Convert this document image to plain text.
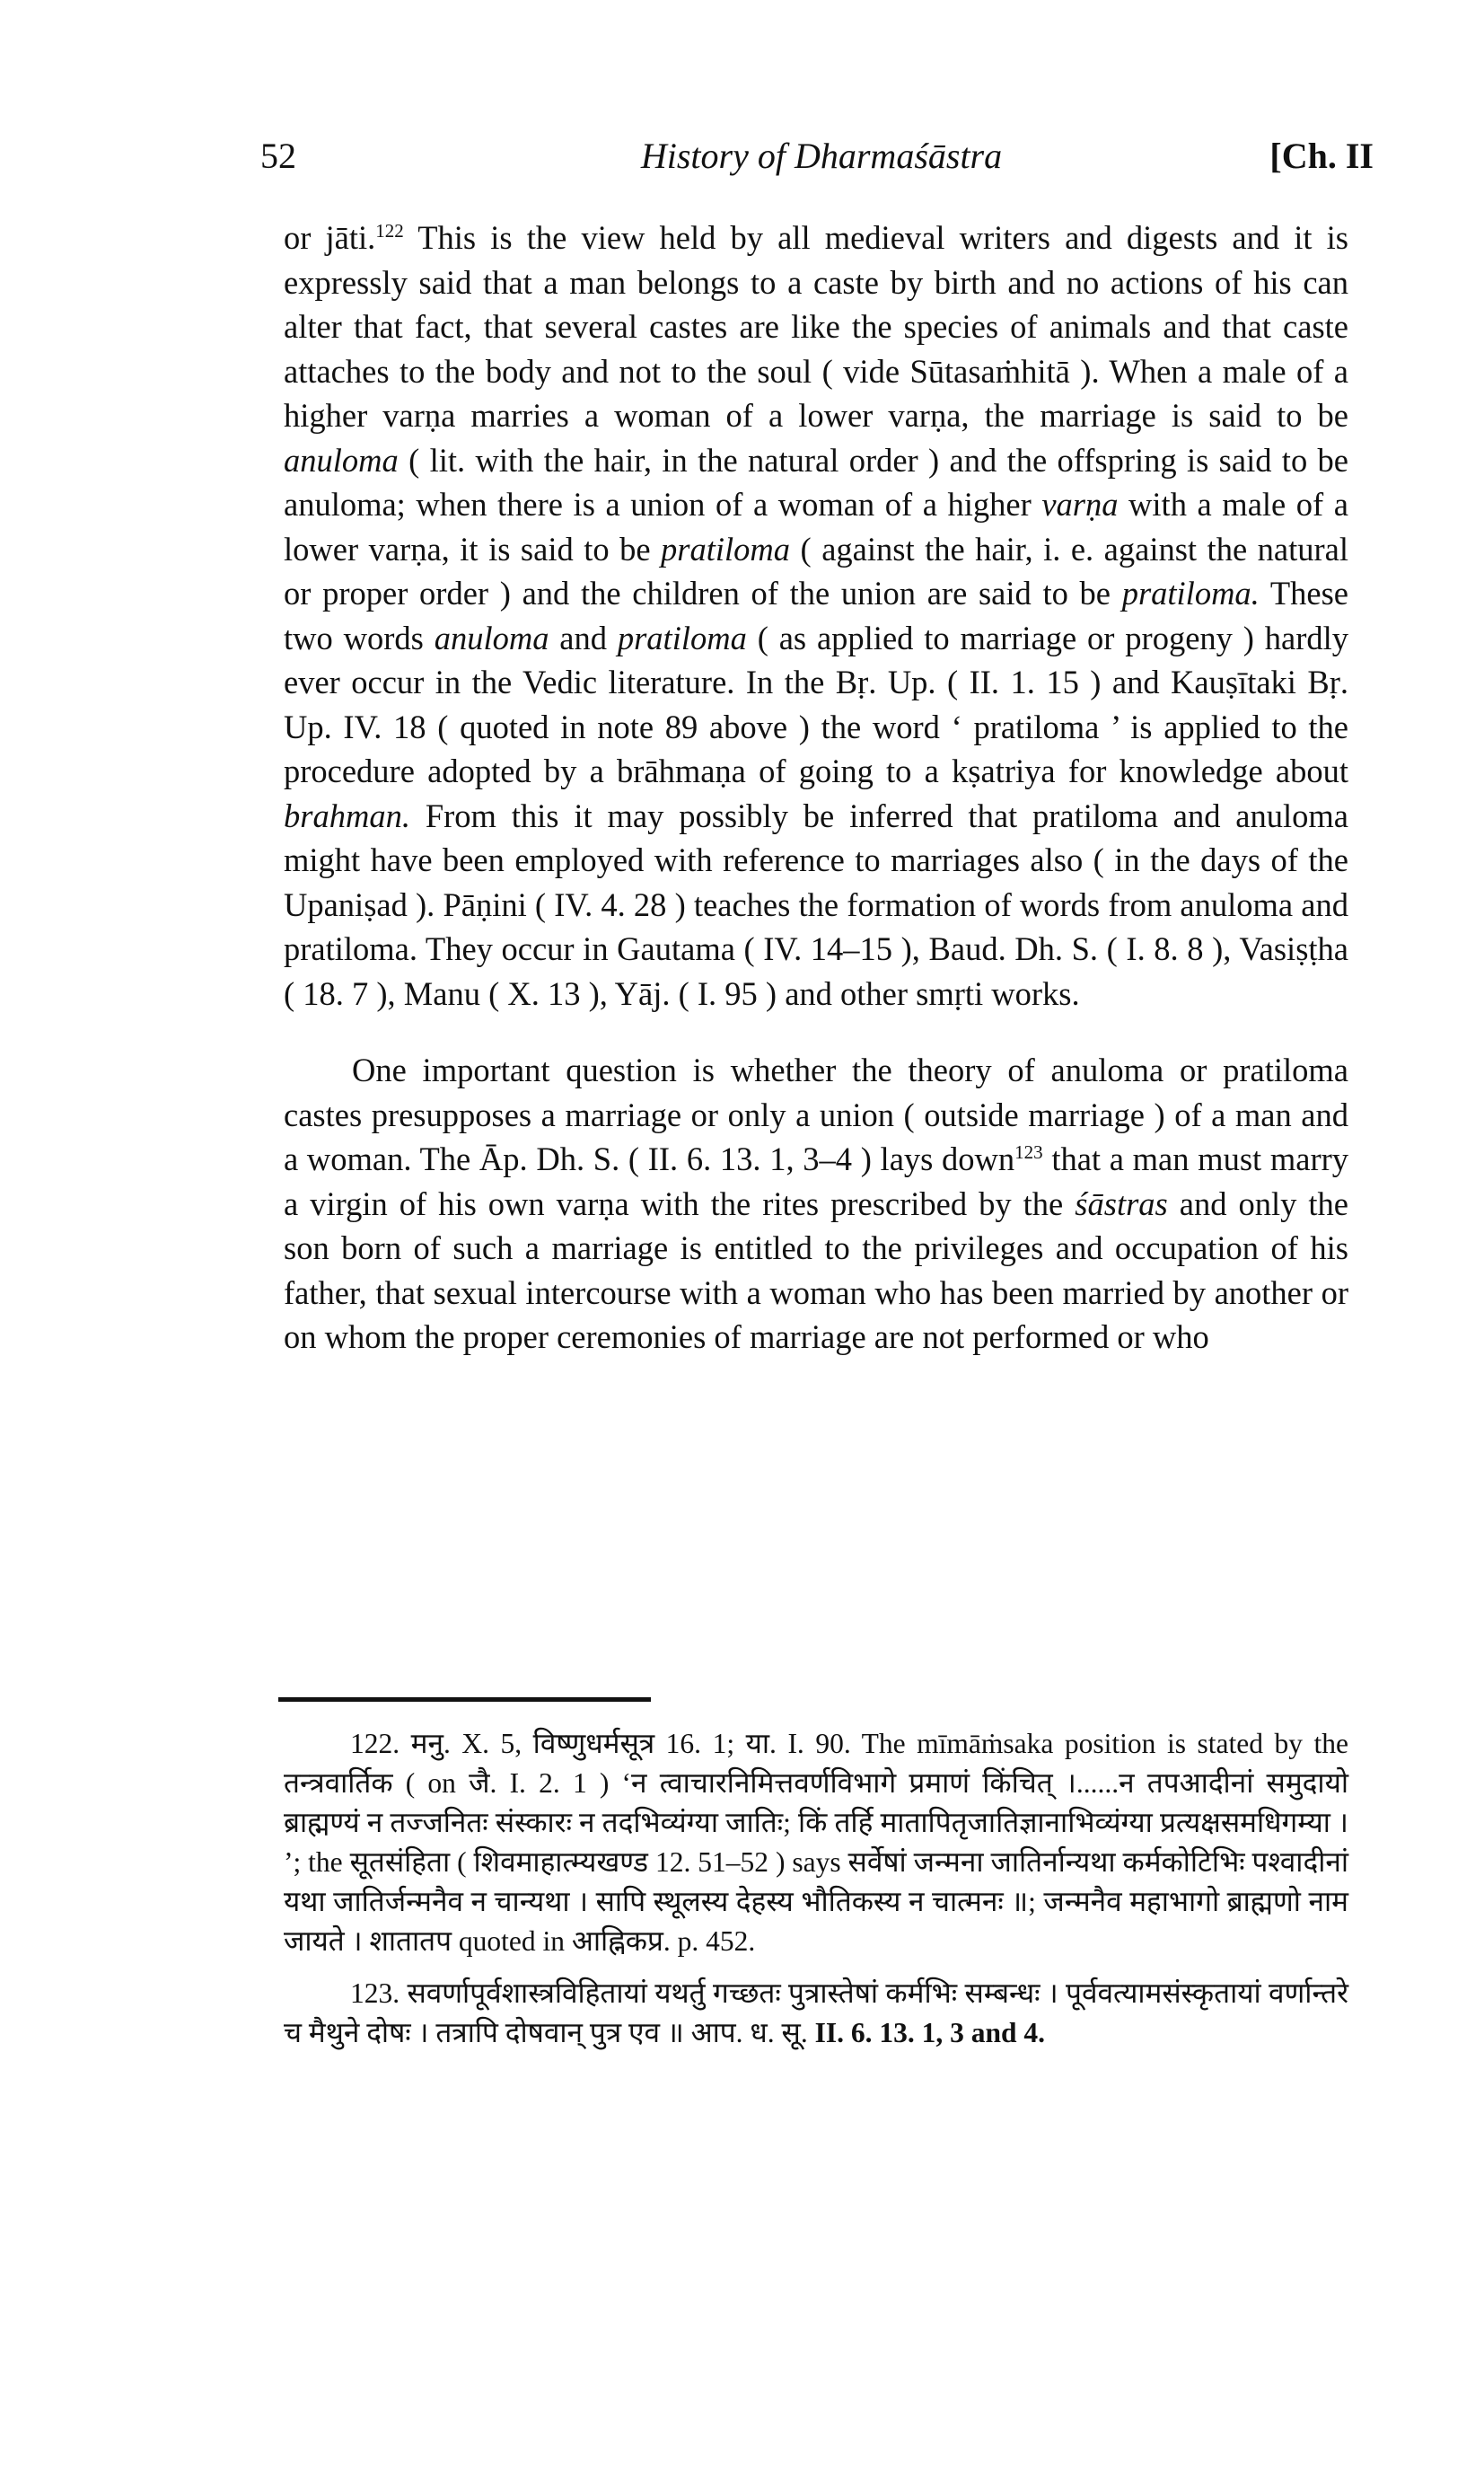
52	History of Dharmaśāstra	[Ch. II

or jāti.$^{122}$ This is the view held by all medieval writers and digests and it is expressly said that a man belongs to a caste by birth and no actions of his can alter that fact, that several castes are like the species of animals and that caste attaches to the body and not to the soul ( vide Sūtasaṁhitā ). When a male of a higher varṇa marries a woman of a lower varṇa, the marriage is said to be anuloma ( lit. with the hair, in the natural order ) and the offspring is said to be anuloma; when there is a union of a woman of a higher varṇa with a male of a lower varṇa, it is said to be pratiloma ( against the hair, i. e. against the natural or proper order ) and the children of the union are said to be pratiloma. These two words anuloma and pratiloma ( as applied to marriage or progeny ) hardly ever occur in the Vedic literature. In the Bṛ. Up. ( II. 1. 15 ) and Kauṣītaki Bṛ. Up. IV. 18 ( quoted in note 89 above ) the word ‘ pratiloma ’ is applied to the procedure adopted by a brāhmaṇa of going to a kṣatriya for knowledge about brahman. From this it may possibly be inferred that pratiloma and anuloma might have been employed with reference to marriages also ( in the days of the Upaniṣad ). Pāṇini ( IV. 4. 28 ) teaches the formation of words from anuloma and pratiloma. They occur in Gautama ( IV. 14–15 ), Baud. Dh. S. ( I. 8. 8 ), Vasiṣṭha ( 18. 7 ), Manu ( X. 13 ), Yāj. ( I. 95 ) and other smṛti works.

One important question is whether the theory of anuloma or pratiloma castes presupposes a marriage or only a union ( outside marriage ) of a man and a woman. The Āp. Dh. S. ( II. 6. 13. 1, 3–4 ) lays down$^{123}$ that a man must marry a virgin of his own varṇa with the rites prescribed by the śāstras and only the son born of such a marriage is entitled to the privileges and occupation of his father, that sexual intercourse with a woman who has been married by another or on whom the proper ceremonies of marriage are not performed or who

122. मनु. X. 5, विष्णुधर्मसूत्र 16. 1; या. I. 90. The mīmāṁsaka position is stated by the तन्त्रवार्तिक ( on जै. I. 2. 1 ) ‘न त्वाचारनिमित्तवर्णविभागे प्रमाणं किंचित् ।......न तपआदीनां समुदायो ब्राह्मण्यं न तज्जनितः संस्कारः न तदभिव्यंग्या जातिः; किं तर्हि मातापितृजातिज्ञानाभिव्यंग्या प्रत्यक्षसमधिगम्या । ’; the सूतसंहिता ( शिवमाहात्म्यखण्ड 12. 51–52 ) says सर्वेषां जन्मना जातिर्नान्यथा कर्मकोटिभिः पश्वादीनां यथा जातिर्जन्मनैव न चान्यथा । सापि स्थूलस्य देहस्य भौतिकस्य न चात्मनः ॥; जन्मनैव महाभागो ब्राह्मणो नाम जायते । शातातप quoted in आह्निकप्र. p. 452.

123. सवर्णापूर्वशास्त्रविहितायां यथर्तु गच्छतः पुत्रास्तेषां कर्मभिः सम्बन्धः । पूर्ववत्यामसंस्कृतायां वर्णान्तरे च मैथुने दोषः । तत्रापि दोषवान् पुत्र एव ॥ आप. ध. सू. II. 6. 13. 1, 3 and 4.
